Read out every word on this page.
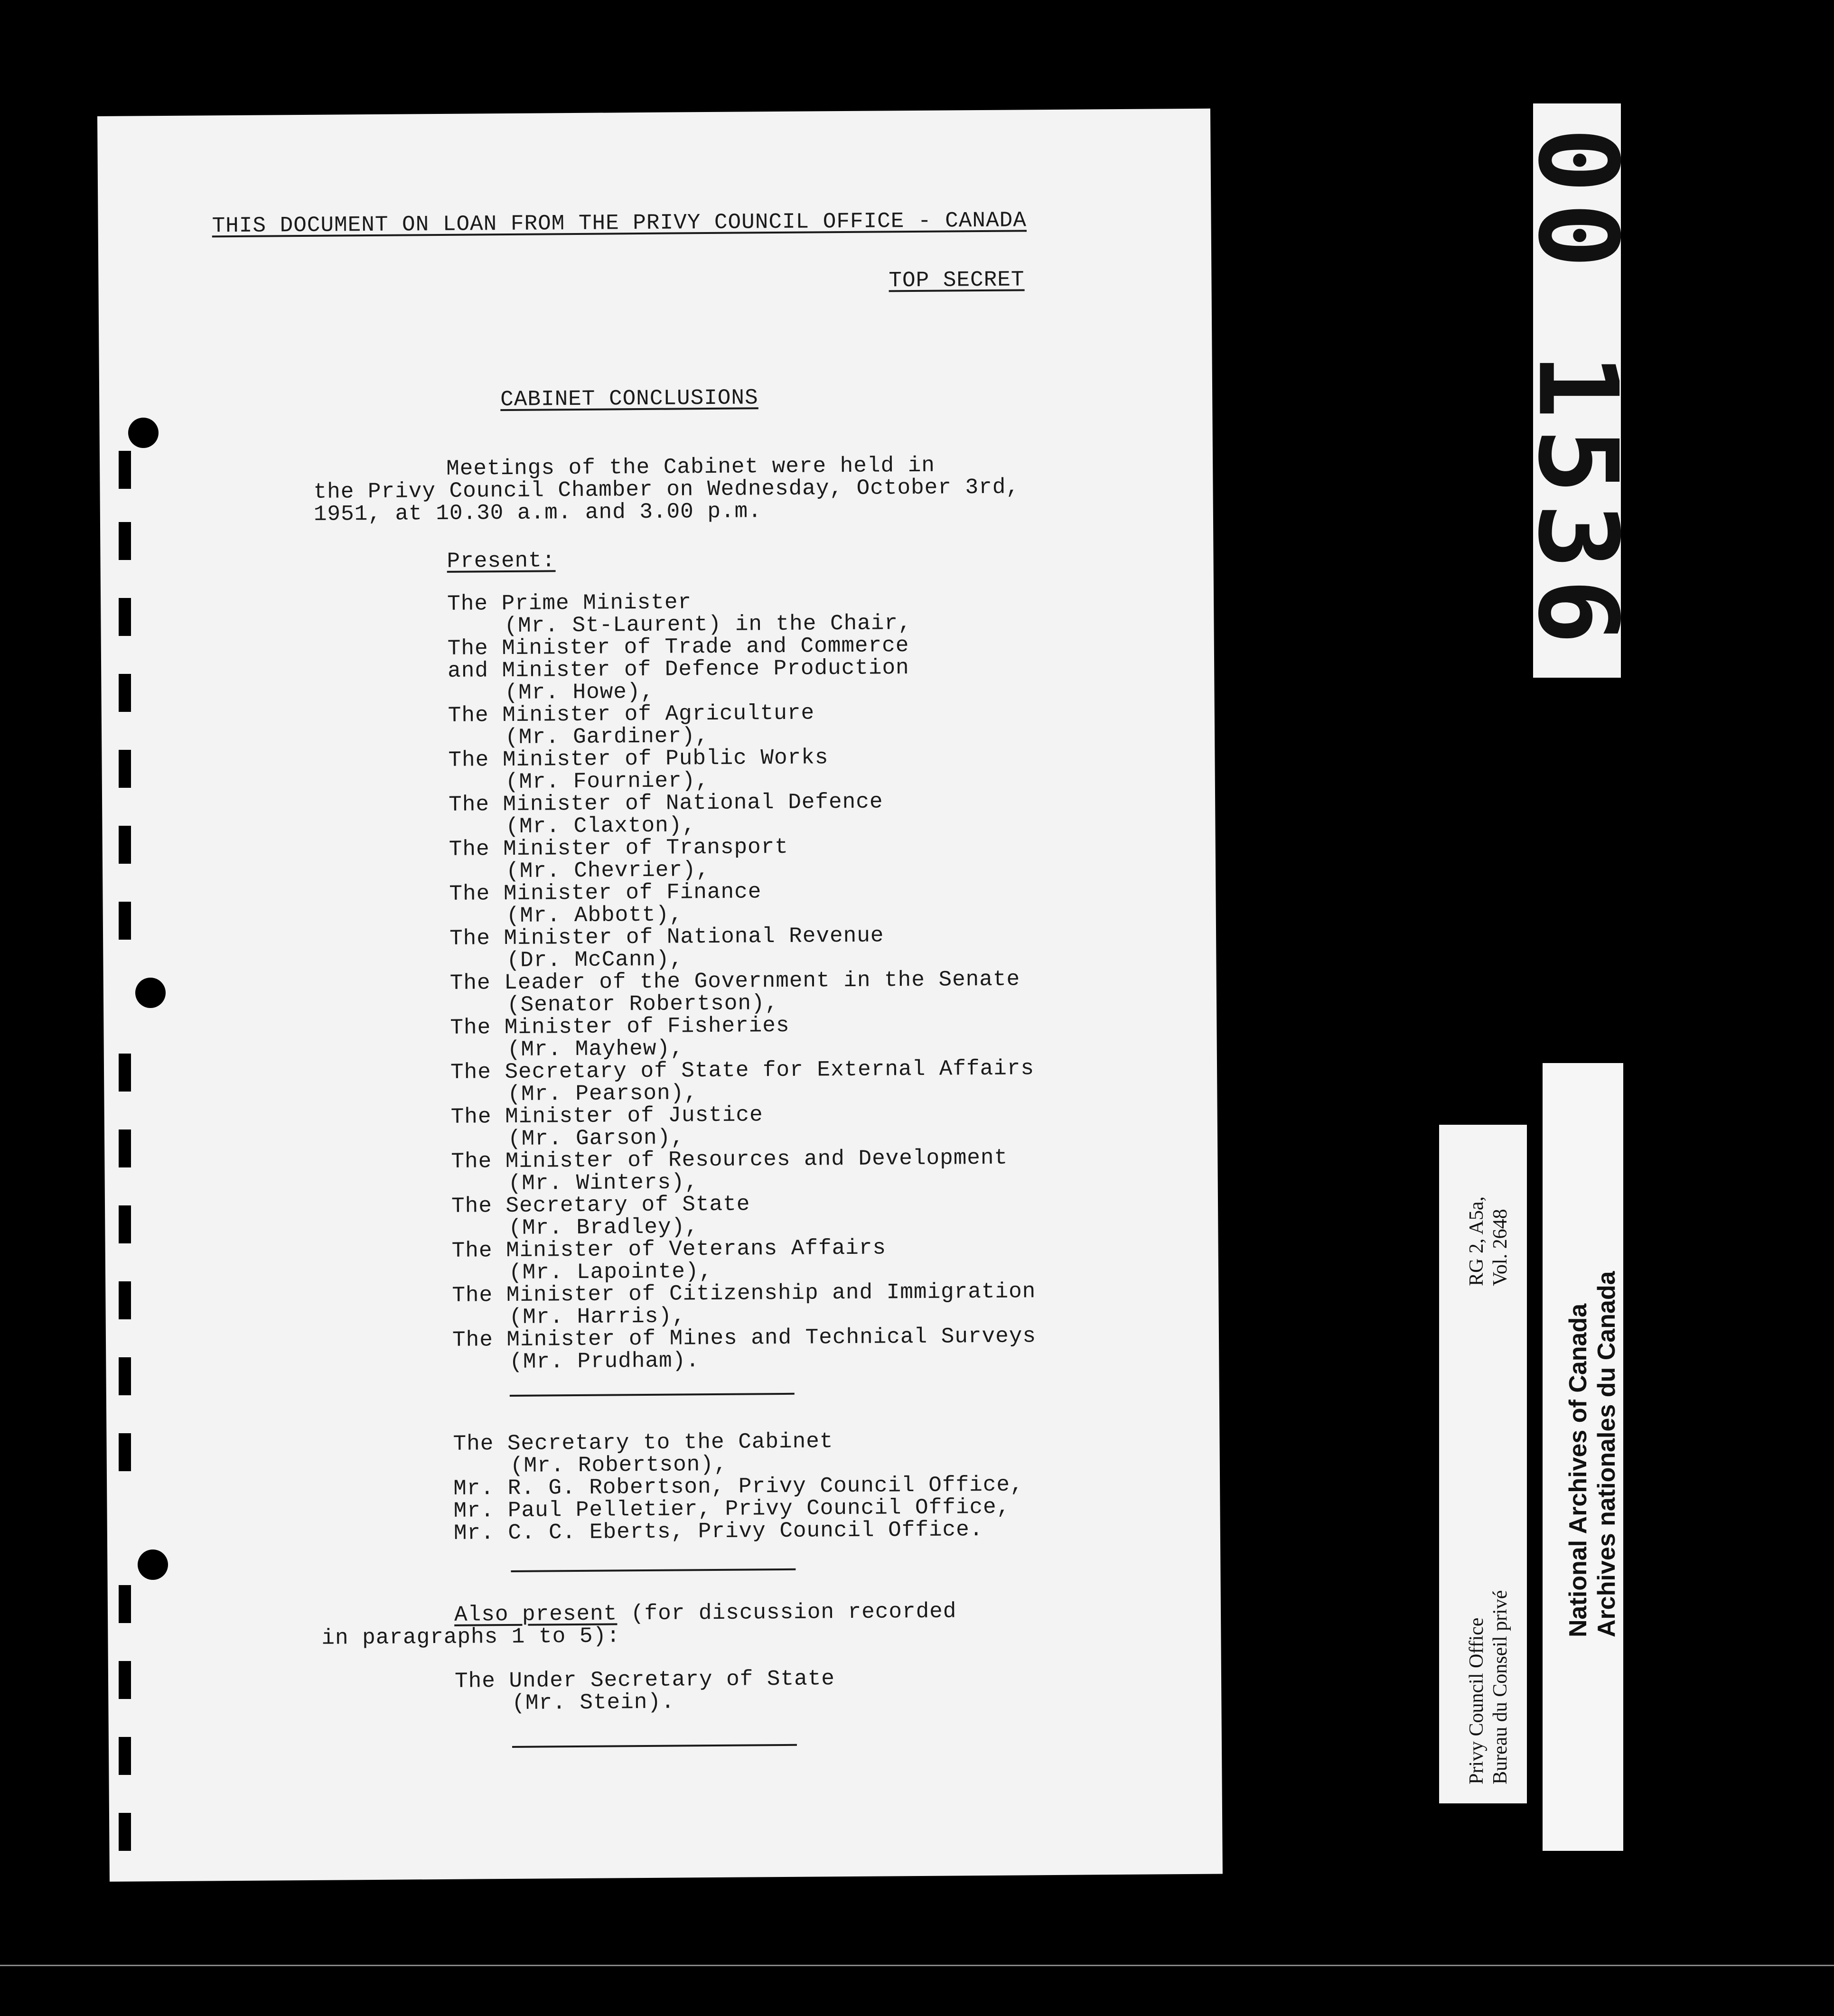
THIS DOCUMENT ON LOAN FROM THE PRIVY COUNCIL OFFICE - CANADA
TOP SECRET
CABINET CONCLUSIONS
Meetings of the Cabinet were held in
the Privy Council Chamber on Wednesday, October 3rd,
1951, at 10.30 a.m. and 3.00 p.m.
Present:
The Prime Minister
(Mr. St-Laurent) in the Chair,
The Minister of Trade and Commerce
and Minister of Defence Production
(Mr. Howe),
The Minister of Agriculture
(Mr. Gardiner),
The Minister of Public Works
(Mr. Fournier),
The Minister of National Defence
(Mr. Claxton),
The Minister of Transport
(Mr. Chevrier),
The Minister of Finance
(Mr. Abbott),
The Minister of National Revenue
(Dr. McCann),
The Leader of the Government in the Senate
(Senator Robertson),
The Minister of Fisheries
(Mr. Mayhew),
The Secretary of State for External Affairs
(Mr. Pearson),
The Minister of Justice
(Mr. Garson),
The Minister of Resources and Development
(Mr. Winters),
The Secretary of State
(Mr. Bradley),
The Minister of Veterans Affairs
(Mr. Lapointe),
The Minister of Citizenship and Immigration
(Mr. Harris),
The Minister of Mines and Technical Surveys
(Mr. Prudham).
The Secretary to the Cabinet
(Mr. Robertson),
Mr. R. G. Robertson, Privy Council Office,
Mr. Paul Pelletier, Privy Council Office,
Mr. C. C. Eberts, Privy Council Office.
Also present (for discussion recorded
in paragraphs 1 to 5):
The Under Secretary of State
(Mr. Stein).
00 1536
Privy Council Office Bureau du Conseil privé
RG 2, A5a, Vol. 2648
National Archives of Canada Archives nationales du Canada
